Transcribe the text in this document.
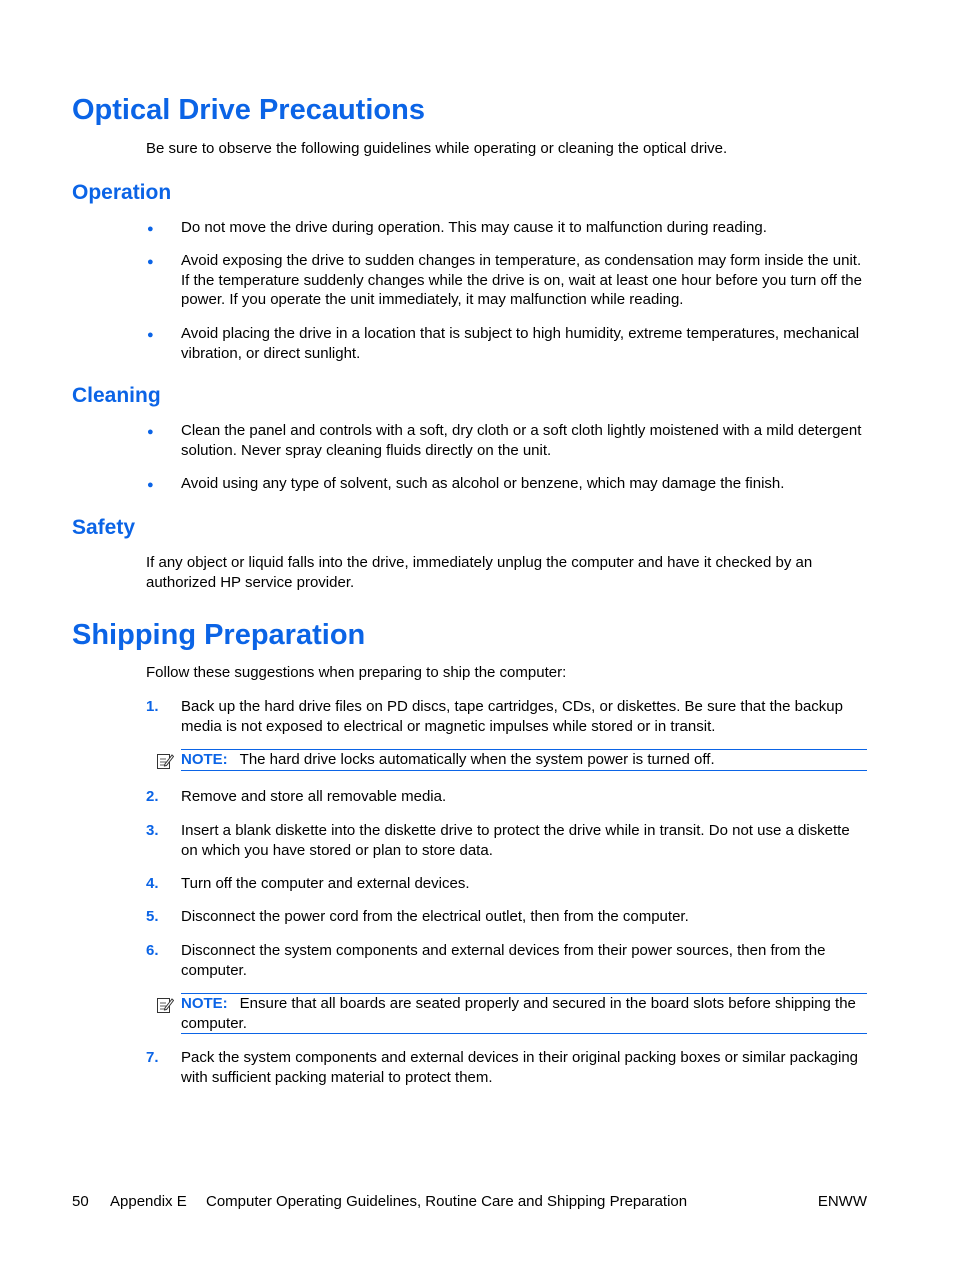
Optical Drive Precautions

Be sure to observe the following guidelines while operating or cleaning the optical drive.

Operation
●	Do not move the drive during operation. This may cause it to malfunction during reading.
●	Avoid exposing the drive to sudden changes in temperature, as condensation may form inside the unit. If the temperature suddenly changes while the drive is on, wait at least one hour before you turn off the power. If you operate the unit immediately, it may malfunction while reading.
●	Avoid placing the drive in a location that is subject to high humidity, extreme temperatures, mechanical vibration, or direct sunlight.
Cleaning
●	Clean the panel and controls with a soft, dry cloth or a soft cloth lightly moistened with a mild detergent solution. Never spray cleaning fluids directly on the unit.
●	Avoid using any type of solvent, such as alcohol or benzene, which may damage the finish.
Safety

If any object or liquid falls into the drive, immediately unplug the computer and have it checked by an authorized HP service provider.

Shipping Preparation

Follow these suggestions when preparing to ship the computer:

1.	Back up the hard drive files on PD discs, tape cartridges, CDs, or diskettes. Be sure that the backup media is not exposed to electrical or magnetic impulses while stored or in transit.
NOTE: The hard drive locks automatically when the system power is turned off.
2.	Remove and store all removable media.
3.	Insert a blank diskette into the diskette drive to protect the drive while in transit. Do not use a diskette on which you have stored or plan to store data.
4.	Turn off the computer and external devices.
5.	Disconnect the power cord from the electrical outlet, then from the computer.
6.	Disconnect the system components and external devices from their power sources, then from the computer.
NOTE: Ensure that all boards are seated properly and secured in the board slots before shipping the computer.
7.	Pack the system components and external devices in their original packing boxes or similar packaging with sufficient packing material to protect them.
50	Appendix E	Computer Operating Guidelines, Routine Care and Shipping Preparation	ENWW
